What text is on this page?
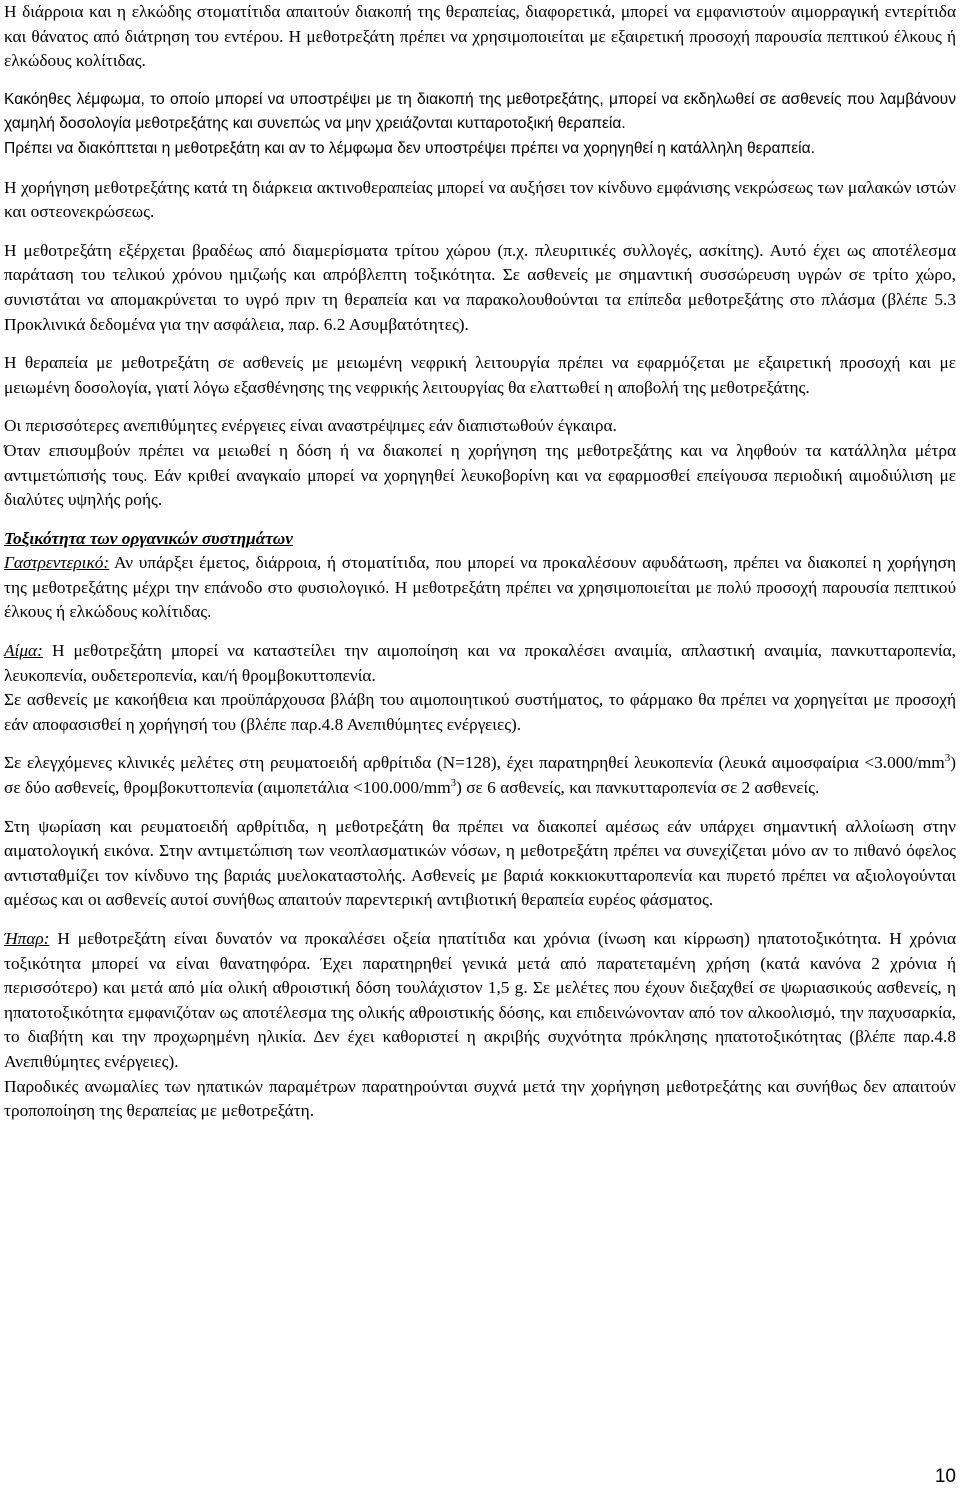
Η διάρροια και η ελκώδης στοματίτιδα απαιτούν διακοπή της θεραπείας, διαφορετικά, μπορεί να εμφανιστούν αιμορραγική εντερίτιδα και θάνατος από διάτρηση του εντέρου. Η μεθοτρεξάτη πρέπει να χρησιμοποιείται με εξαιρετική προσοχή παρουσία πεπτικού έλκους ή ελκώδους κολίτιδας.

Κακόηθες λέμφωμα, το οποίο μπορεί να υποστρέψει με τη διακοπή της μεθοτρεξάτης, μπορεί να εκδηλωθεί σε ασθενείς που λαμβάνουν χαμηλή δοσολογία μεθοτρεξάτης και συνεπώς να μην χρειάζονται κυτταροτοξική θεραπεία.

Πρέπει να διακόπτεται η μεθοτρεξάτη και αν το λέμφωμα δεν υποστρέψει πρέπει να χορηγηθεί η κατάλληλη θεραπεία.

Η χορήγηση μεθοτρεξάτης κατά τη διάρκεια ακτινοθεραπείας μπορεί να αυξήσει τον κίνδυνο εμφάνισης νεκρώσεως των μαλακών ιστών και οστεονεκρώσεως.

Η μεθοτρεξάτη εξέρχεται βραδέως από διαμερίσματα τρίτου χώρου (π.χ. πλευριτικές συλλογές, ασκίτης). Αυτό έχει ως αποτέλεσμα παράταση του τελικού χρόνου ημιζωής και απρόβλεπτη τοξικότητα. Σε ασθενείς με σημαντική συσσώρευση υγρών σε τρίτο χώρο, συνιστάται να απομακρύνεται το υγρό πριν τη θεραπεία και να παρακολουθούνται τα επίπεδα μεθοτρεξάτης στο πλάσμα (βλέπε 5.3 Προκλινικά δεδομένα για την ασφάλεια, παρ. 6.2 Ασυμβατότητες).

Η θεραπεία με μεθοτρεξάτη σε ασθενείς με μειωμένη νεφρική λειτουργία πρέπει να εφαρμόζεται με εξαιρετική προσοχή και με μειωμένη δοσολογία, γιατί λόγω εξασθένησης της νεφρικής λειτουργίας θα ελαττωθεί η αποβολή της μεθοτρεξάτης.

Οι περισσότερες ανεπιθύμητες ενέργειες είναι αναστρέψιμες εάν διαπιστωθούν έγκαιρα.

Όταν επισυμβούν πρέπει να μειωθεί η δόση ή να διακοπεί η χορήγηση της μεθοτρεξάτης και να ληφθούν τα κατάλληλα μέτρα αντιμετώπισής τους. Εάν κριθεί αναγκαίο μπορεί να χορηγηθεί λευκοβορίνη και να εφαρμοσθεί επείγουσα περιοδική αιμοδιύλιση με διαλύτες υψηλής ροής.

Τοξικότητα των οργανικών συστημάτων

Γαστρεντερικό: Αν υπάρξει έμετος, διάρροια, ή στοματίτιδα, που μπορεί να προκαλέσουν αφυδάτωση, πρέπει να διακοπεί η χορήγηση της μεθοτρεξάτης μέχρι την επάνοδο στο φυσιολογικό. Η μεθοτρεξάτη πρέπει να χρησιμοποιείται με πολύ προσοχή παρουσία πεπτικού έλκους ή ελκώδους κολίτιδας.

Αίμα: Η μεθοτρεξάτη μπορεί να καταστείλει την αιμοποίηση και να προκαλέσει αναιμία, απλαστική αναιμία, πανκυτταροπενία, λευκοπενία, ουδετεροπενία, και/ή θρομβοκυττοπενία.

Σε ασθενείς με κακοήθεια και προϋπάρχουσα βλάβη του αιμοποιητικού συστήματος, το φάρμακο θα πρέπει να χορηγείται με προσοχή εάν αποφασισθεί η χορήγησή του (βλέπε παρ.4.8 Ανεπιθύμητες ενέργειες).

Σε ελεγχόμενες κλινικές μελέτες στη ρευματοειδή αρθρίτιδα (N=128), έχει παρατηρηθεί λευκοπενία (λευκά $\alpha\iota\mu o\sigma\varphi\alpha ί\rho\iota\alpha <3.000/mm^3$) σε δύο ασθενείς, θρομβοκυττοπενία $(\alpha\iota\mu o\pi\varepsilon\tau ά\lambda\iota\alpha <100.000/mm^3)$ σε 6 ασθενείς, και πανκυτταροπενία σε 2 ασθενείς.

Στη ψωρίαση και ρευματοειδή αρθρίτιδα, η μεθοτρεξάτη θα πρέπει να διακοπεί αμέσως εάν υπάρχει σημαντική αλλοίωση στην αιματολογική εικόνα. Στην αντιμετώπιση των νεοπλασματικών νόσων, η μεθοτρεξάτη πρέπει να συνεχίζεται μόνο αν το πιθανό όφελος αντισταθμίζει τον κίνδυνο της βαριάς μυελοκαταστολής. Ασθενείς με βαριά κοκκιοκυτταροπενία και πυρετό πρέπει να αξιολογούνται αμέσως και οι ασθενείς αυτοί συνήθως απαιτούν παρεντερική αντιβιοτική θεραπεία ευρέος φάσματος.

Ήπαρ: Η μεθοτρεξάτη είναι δυνατόν να προκαλέσει οξεία ηπατίτιδα και χρόνια (ίνωση και κίρρωση) ηπατοτοξικότητα. Η χρόνια τοξικότητα μπορεί να είναι θανατηφόρα. Έχει παρατηρηθεί γενικά μετά από παρατεταμένη χρήση (κατά κανόνα 2 χρόνια ή περισσότερο) και μετά από μία ολική αθροιστική δόση τουλάχιστον 1,5 g. Σε μελέτες που έχουν διεξαχθεί σε ψωριασικούς ασθενείς, η ηπατοτοξικότητα εμφανιζόταν ως αποτέλεσμα της ολικής αθροιστικής δόσης, και επιδεινώνονταν από τον αλκοολισμό, την παχυσαρκία, το διαβήτη και την προχωρημένη ηλικία. Δεν έχει καθοριστεί η ακριβής συχνότητα πρόκλησης ηπατοτοξικότητας (βλέπε παρ.4.8 Ανεπιθύμητες ενέργειες).

Παροδικές ανωμαλίες των ηπατικών παραμέτρων παρατηρούνται συχνά μετά την χορήγηση μεθοτρεξάτης και συνήθως δεν απαιτούν τροποποίηση της θεραπείας με μεθοτρεξάτη.

10
